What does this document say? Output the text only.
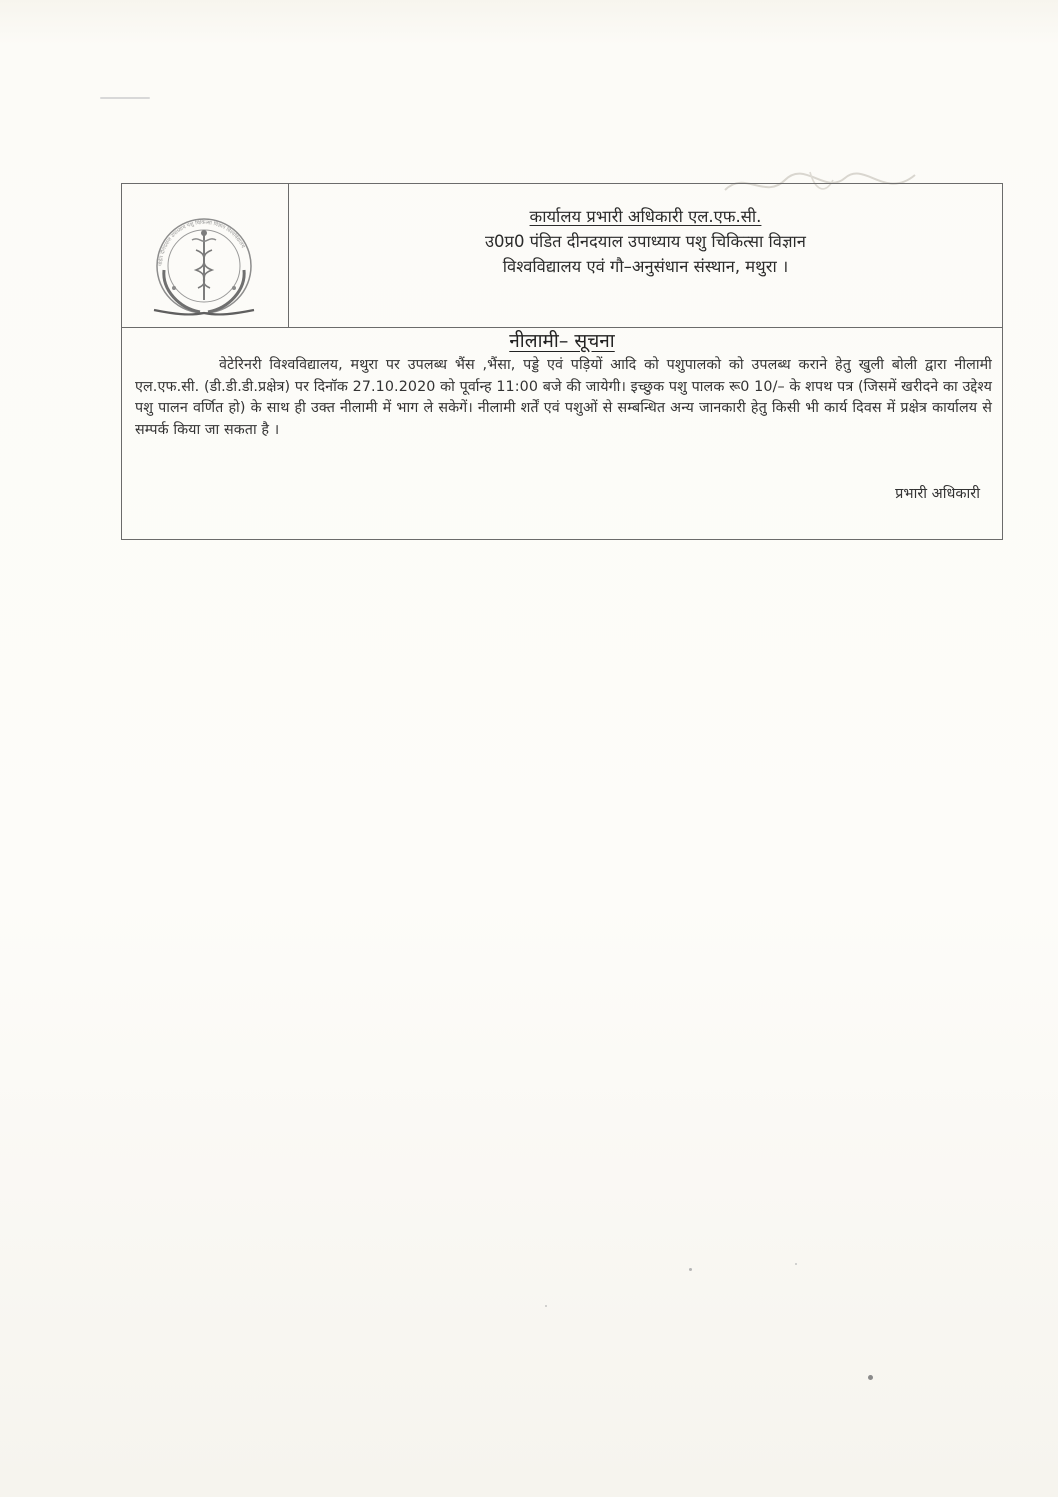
पंडित दीनदयाल उपाध्याय पशु चिकित्सा विज्ञान विश्वविद्यालय
कार्यालय प्रभारी अधिकारी एल.एफ.सी.
उ0प्र0 पंडित दीनदयाल उपाध्याय पशु चिकित्सा विज्ञान
विश्वविद्यालय एवं गौ–अनुसंधान संस्थान, मथुरा ।
नीलामी– सूचना
वेटेरिनरी विश्वविद्यालय, मथुरा पर उपलब्ध भैंस ,भैंसा, पड्डे एवं पड़ियों आदि को पशुपालको को उपलब्ध कराने हेतु खुली बोली द्वारा नीलामी एल.एफ.सी. (डी.डी.डी.प्रक्षेत्र) पर दिनॉक 27.10.2020 को पूर्वान्ह 11:00 बजे की जायेगी। इच्छुक पशु पालक रू0 10/– के शपथ पत्र (जिसमें खरीदने का उद्देश्य पशु पालन वर्णित हो) के साथ ही उक्त नीलामी में भाग ले सकेगें। नीलामी शर्तें एवं पशुओं से सम्बन्धित अन्य जानकारी हेतु किसी भी कार्य दिवस में प्रक्षेत्र कार्यालय से सम्पर्क किया जा सकता है ।
प्रभारी अधिकारी
